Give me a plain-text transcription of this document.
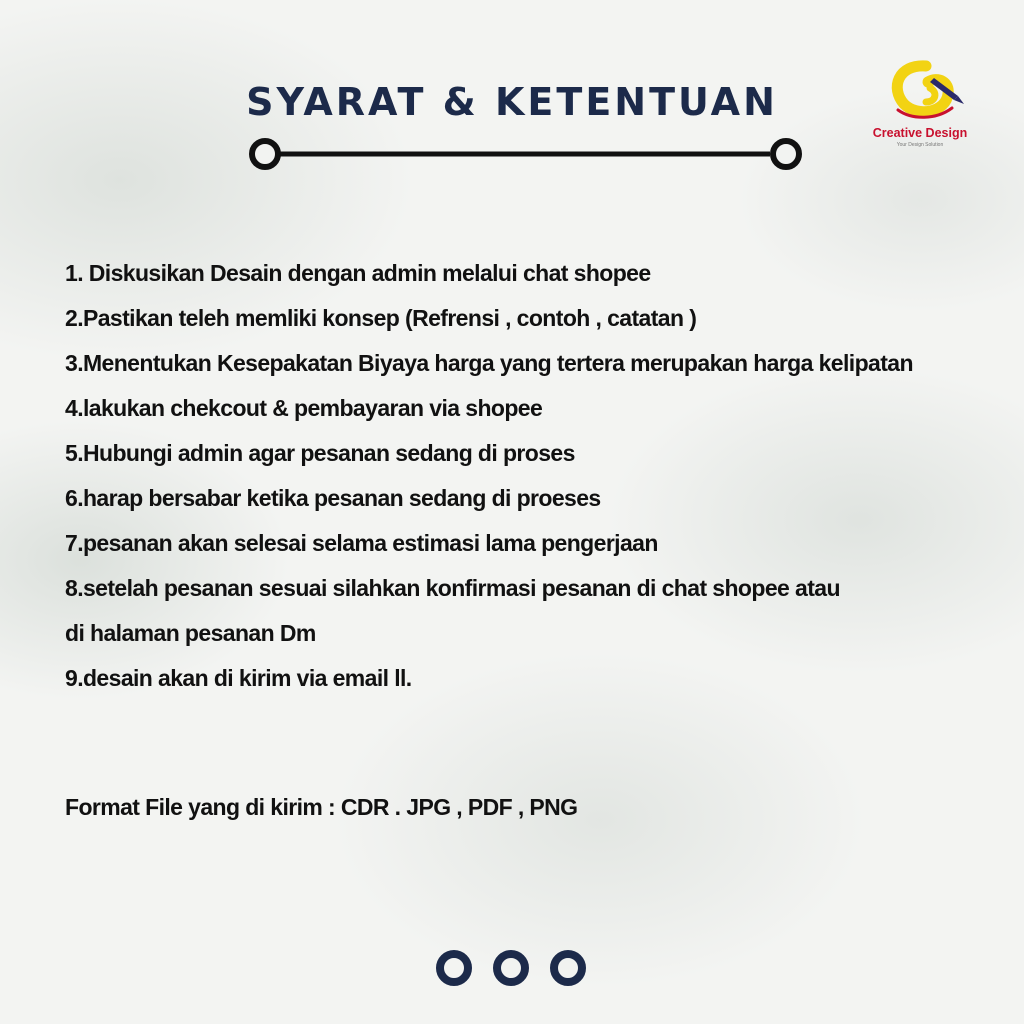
SYARAT & KETENTUAN
Creative Design
Your Design Solution
1. Diskusikan Desain dengan admin melalui chat shopee
2.Pastikan teleh memliki konsep (Refrensi , contoh , catatan )
3.Menentukan Kesepakatan Biyaya harga yang tertera merupakan harga kelipatan
4.lakukan chekcout & pembayaran via shopee
5.Hubungi admin agar pesanan sedang di proses
6.harap bersabar ketika pesanan sedang di proeses
7.pesanan akan selesai selama estimasi lama pengerjaan
8.setelah pesanan sesuai silahkan konfirmasi pesanan di chat shopee atau di halaman pesanan Dm
9.desain akan di kirim via email ll.
Format File yang di kirim : CDR . JPG , PDF , PNG
